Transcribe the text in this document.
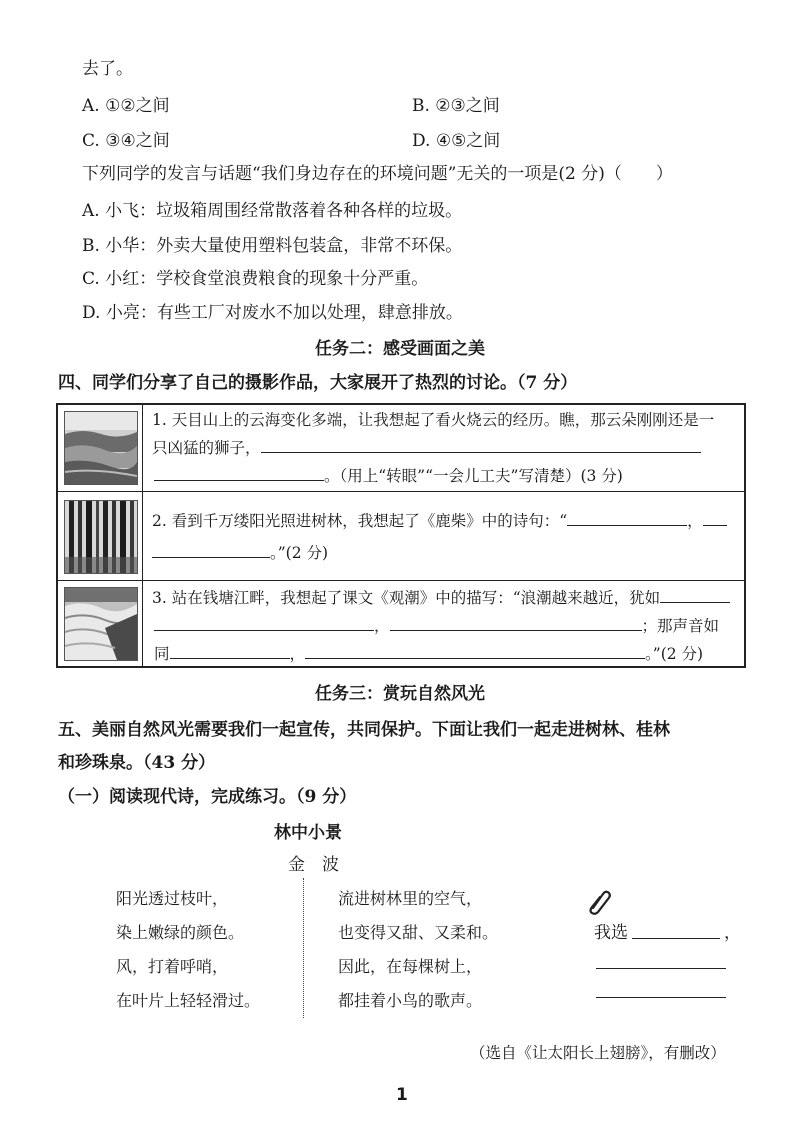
去了。
A. ①②之间	B. ②③之间
C. ③④之间	D. ④⑤之间
下列同学的发言与话题“我们身边存在的环境问题”无关的一项是(2 分)（　　）
A. 小飞：垃圾箱周围经常散落着各种各样的垃圾。
B. 小华：外卖大量使用塑料包装盒，非常不环保。
C. 小红：学校食堂浪费粮食的现象十分严重。
D. 小亮：有些工厂对废水不加以处理，肆意排放。
任务二：感受画面之美
四、同学们分享了自己的摄影作品，大家展开了热烈的讨论。（7 分）
1. 天目山上的云海变化多端，让我想起了看火烧云的经历。瞧，那云朵刚刚还是一
只凶猛的狮子，
。（用上“转眼”“一会儿工夫”写清楚）(3 分)
2. 看到千万缕阳光照进树林，我想起了《鹿柴》中的诗句：“	，
。”(2 分)
3. 站在钱塘江畔，我想起了课文《观潮》中的描写：“浪潮越来越近，犹如
，	；那声音如
同	，	。”(2 分)
任务三：赏玩自然风光
五、美丽自然风光需要我们一起宣传，共同保护。下面让我们一起走进树林、桂林
和珍珠泉。（43 分）
（一）阅读现代诗，完成练习。（9 分）
林中小景
金　波
阳光透过枝叶，
染上嫩绿的颜色。
风，打着呼哨，
在叶片上轻轻滑过。
流进树林里的空气，
也变得又甜、又柔和。
因此，在每棵树上，
都挂着小鸟的歌声。
我选	，
（选自《让太阳长上翅膀》，有删改）
1
